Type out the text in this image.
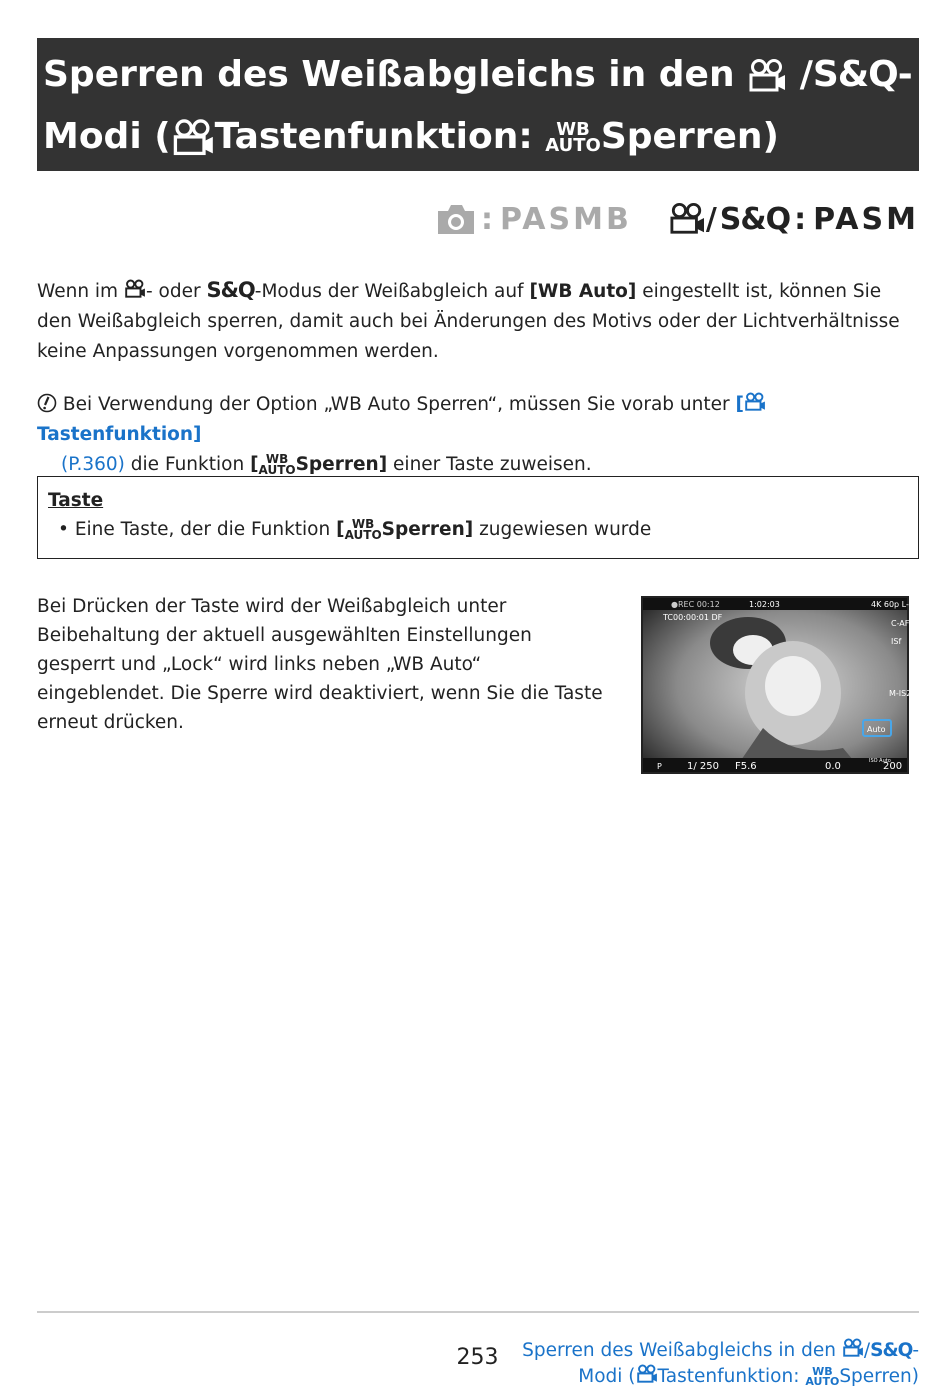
Sperren des Weißabgleichs in den /S&Q-
Modi ( Tastenfunktion: WB
AUTO Sperren)
: PASMB / S&Q : PASM
Wenn im - oder S&Q-Modus der Weißabgleich auf [WB Auto] eingestellt ist, können Sie den Weißabgleich sperren, damit auch bei Änderungen des Motivs oder der Lichtverhältnisse keine Anpassungen vorgenommen werden.
Bei Verwendung der Option „WB Auto Sperren“, müssen Sie vorab unter [Tastenfunktion]
(P.360) die Funktion [ WB
AUTO Sperren] einer Taste zuweisen.
Taste
• Eine Taste, der die Funktion [ WB
AUTO Sperren] zugewiesen wurde
Bei Drücken der Taste wird der Weißabgleich unter Beibehaltung der aktuell ausgewählten Einstellungen gesperrt und „Lock“ wird links neben „WB Auto“ eingeblendet. Die Sperre wird deaktiviert, wenn Sie die Taste erneut drücken.
●REC 00:12	1:02:03	4K 60p L-8
TC00:00:01 DF
C-AF
ISf
M-IS2
Auto
P	1/ 250 F5.6	0.0	ISO Auto
200
253	Sperren des Weißabgleichs in den /S&Q-
Modi ( Tastenfunktion: WB
AUTO Sperren)
